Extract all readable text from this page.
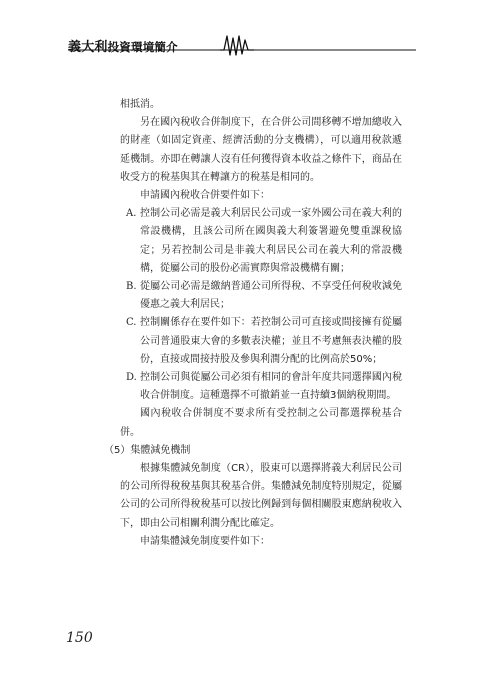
義大利投資環境簡介

相抵消。

另在國內稅收合併制度下，在合併公司間移轉不增加總收入的財產（如固定資產、經濟活動的分支機構），可以適用稅款遞延機制。亦即在轉讓人沒有任何獲得資本收益之條件下，商品在收受方的稅基與其在轉讓方的稅基是相同的。

申請國內稅收合併要件如下：

A. 控制公司必需是義大利居民公司或一家外國公司在義大利的常設機構，且該公司所在國與義大利簽署避免雙重課稅協定；另若控制公司是非義大利居民公司在義大利的常設機構，從屬公司的股份必需實際與常設機構有關；
B. 從屬公司必需是繳納普通公司所得稅、不享受任何稅收減免優惠之義大利居民；
C. 控制關係存在要件如下：若控制公司可直接或間接擁有從屬公司普通股東大會的多數表決權；並且不考慮無表決權的股份，直接或間接持股及參與利潤分配的比例高於50%；
D. 控制公司與從屬公司必須有相同的會計年度共同選擇國內稅收合併制度。這種選擇不可撤銷並一直持續3個納稅期間。

國內稅收合併制度不要求所有受控制之公司都選擇稅基合併。

（5）集體減免機制

根據集體減免制度（CR），股東可以選擇將義大利居民公司的公司所得稅稅基與其稅基合併。集體減免制度特別規定，從屬公司的公司所得稅稅基可以按比例歸到每個相關股東應納稅收入下，即由公司相關利潤分配比確定。

申請集體減免制度要件如下：

150
